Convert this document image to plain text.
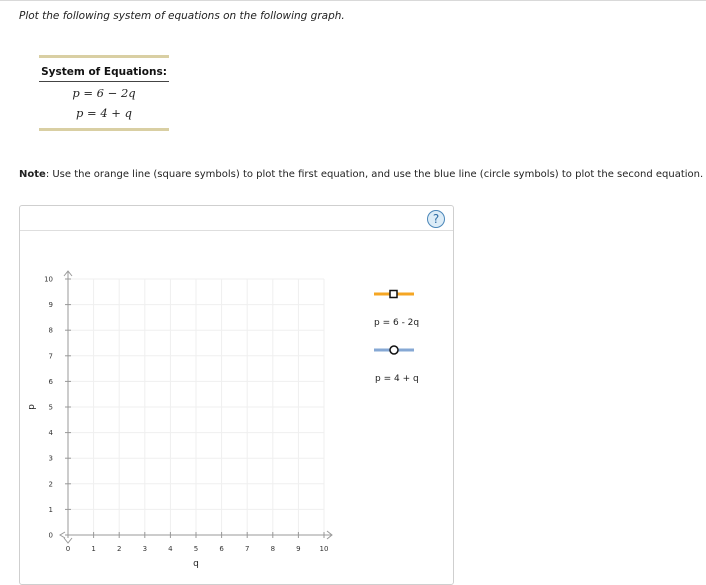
Plot the following system of equations on the following graph.
System of Equations:
p = 6 − 2q
p = 4 + q
Note: Use the orange line (square symbols) to plot the first equation, and use the blue line (circle symbols) to plot the second equation.
?
0	1	2	3	4	5	6	7	8	9	10
0
1
2
3
4
5
6
7
8
9
10
q
p
p = 6 - 2q
p = 4 + q
